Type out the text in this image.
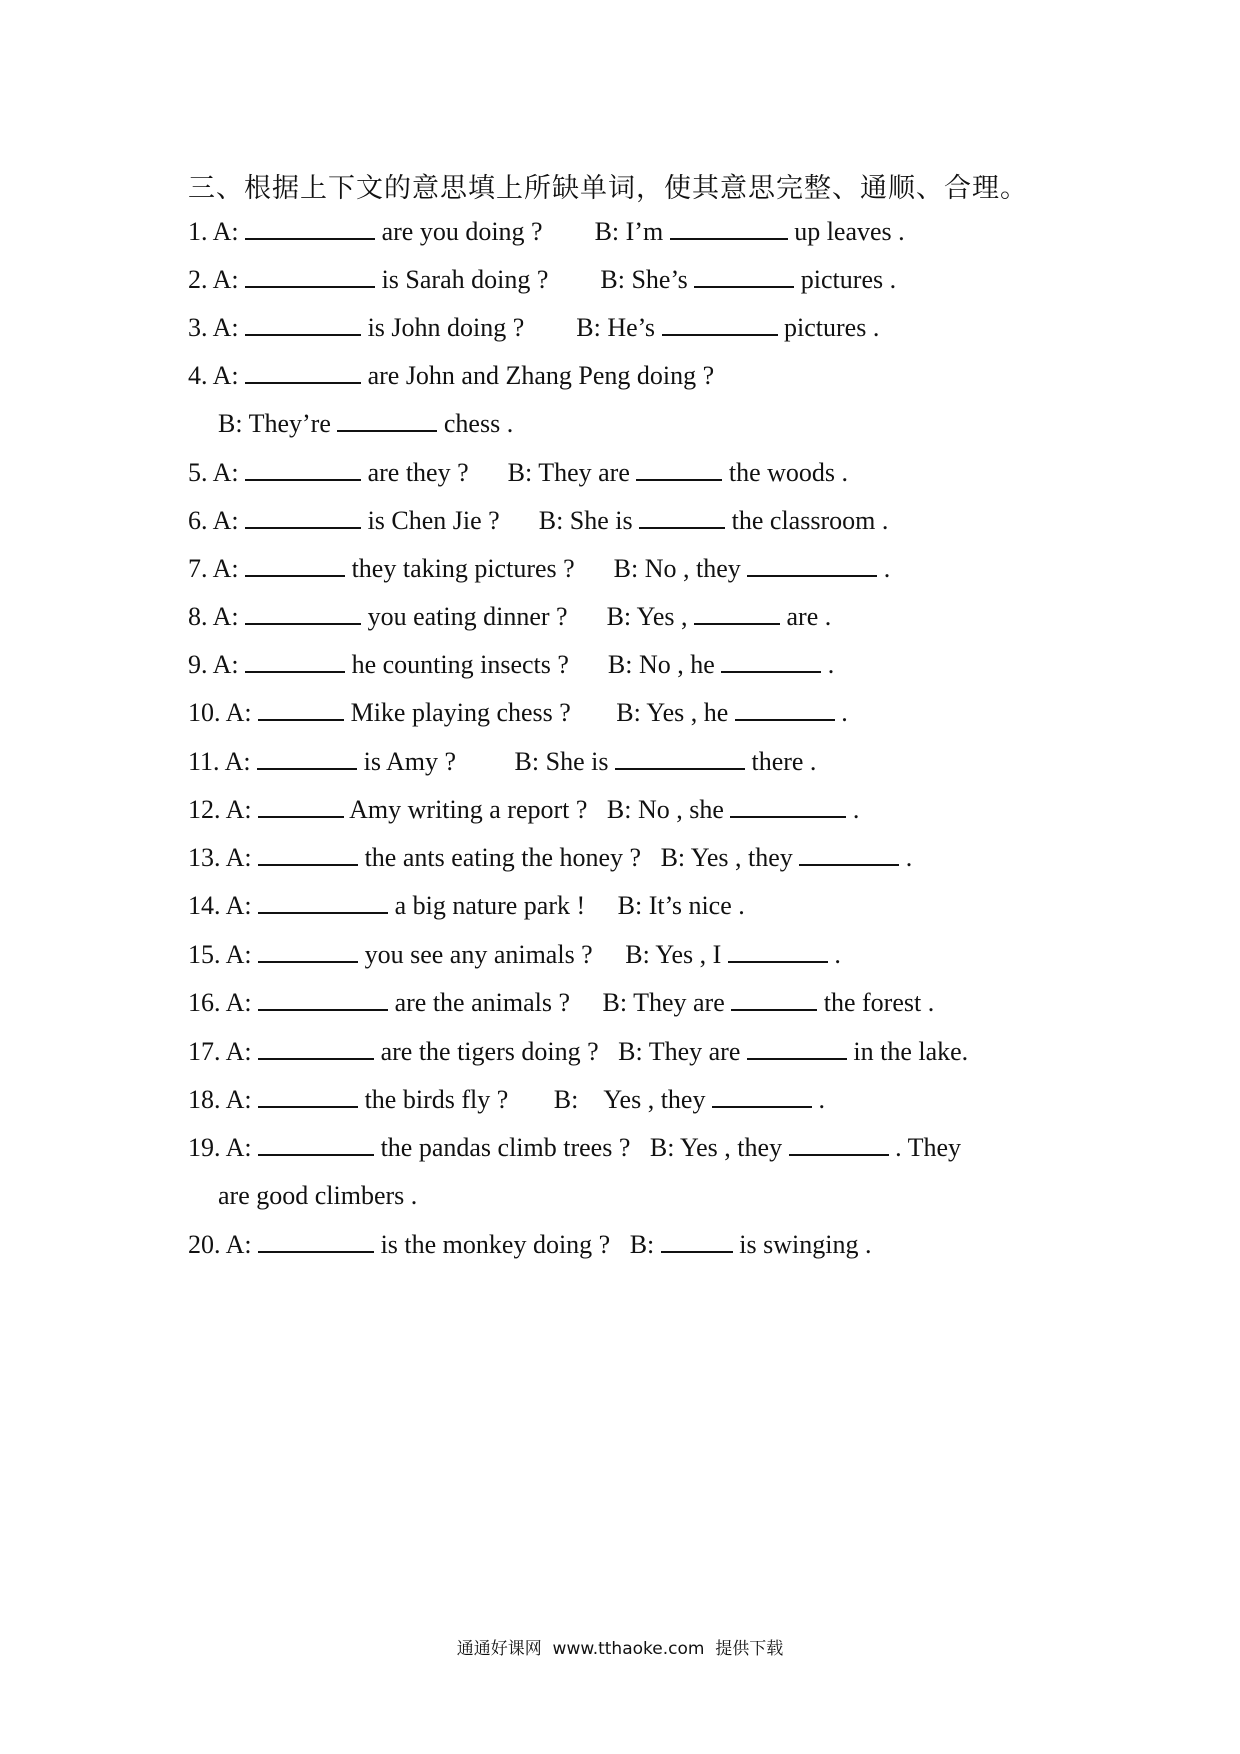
三、根据上下文的意思填上所缺单词，使其意思完整、通顺、合理。
1. A:	are you doing ?        B: I’m	up leaves .
2. A:	is Sarah doing ?        B: She’s	pictures .
3. A:	is John doing ?        B: He’s	pictures .
4. A:	are John and Zhang Peng doing ?
B: They’re	chess .
5. A:	are they ?      B: They are	the woods .
6. A:	is Chen Jie ?      B: She is	the classroom .
7. A:	they taking pictures ?      B: No , they	.
8. A:	you eating dinner ?      B: Yes ,	are .
9. A:	he counting insects ?      B: No , he	.
10. A:	Mike playing chess ?       B: Yes , he	.
11. A:	is Amy ?         B: She is	there .
12. A:	Amy writing a report ?   B: No , she	.
13. A:	the ants eating the honey ?   B: Yes , they	.
14. A:	a big nature park !     B: It’s nice .
15. A:	you see any animals ?     B: Yes , I	.
16. A:	are the animals ?     B: They are	the forest .
17. A:	are the tigers doing ?   B: They are	in the lake.
18. A:	the birds fly ?       B:    Yes , they	.
19. A:	the pandas climb trees ?   B: Yes , they	. They
are good climbers .
20. A:	is the monkey doing ?   B:	is swinging .
通通好课网  www.tthaoke.com  提供下载
